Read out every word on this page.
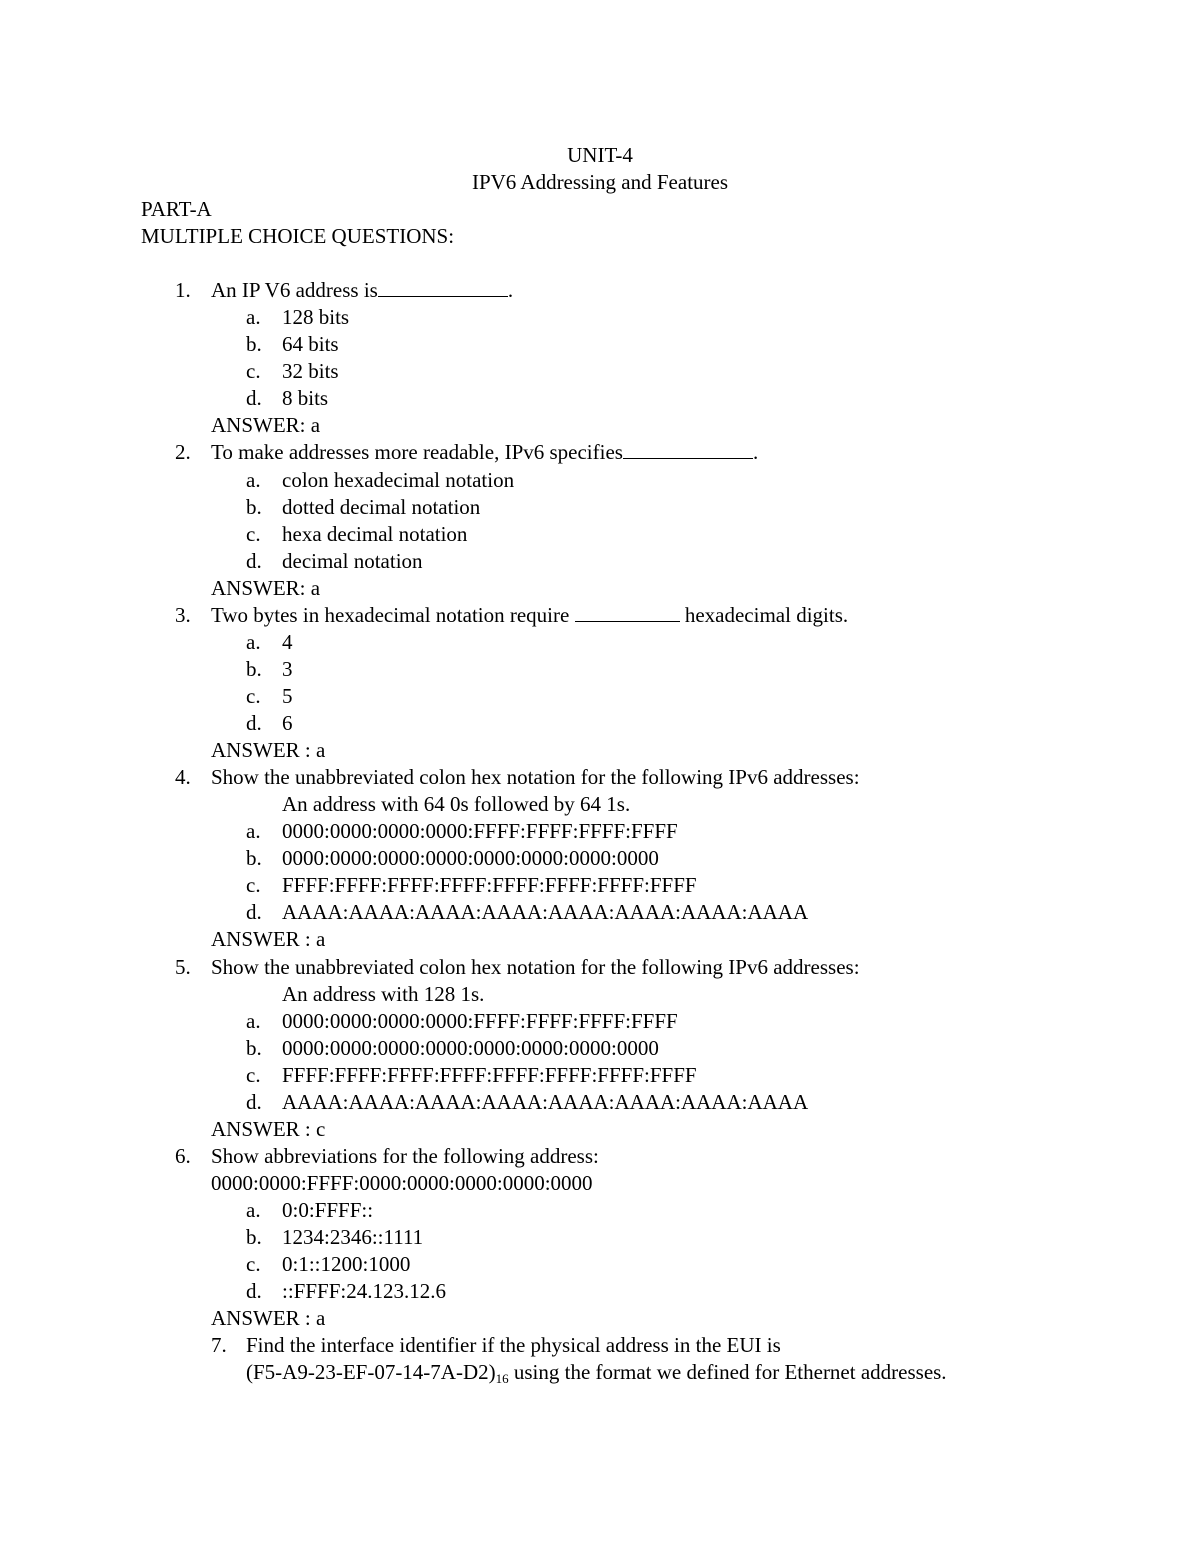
UNIT-4
IPV6 Addressing and Features
PART-A
MULTIPLE CHOICE QUESTIONS:
1. An IP V6 address is	.
a. 128 bits
b. 64 bits
c. 32 bits
d. 8 bits
ANSWER: a
2. To make addresses more readable, IPv6 specifies	.
a. colon hexadecimal notation
b. dotted decimal notation
c. hexa decimal notation
d. decimal notation
ANSWER: a
3. Two bytes in hexadecimal notation require	hexadecimal digits.
a. 4
b. 3
c. 5
d. 6
ANSWER : a
4. Show the unabbreviated colon hex notation for the following IPv6 addresses:
An address with 64 0s followed by 64 1s.
a. 0000:0000:0000:0000:FFFF:FFFF:FFFF:FFFF
b. 0000:0000:0000:0000:0000:0000:0000:0000
c. FFFF:FFFF:FFFF:FFFF:FFFF:FFFF:FFFF:FFFF
d. AAAA:AAAA:AAAA:AAAA:AAAA:AAAA:AAAA:AAAA
ANSWER : a
5. Show the unabbreviated colon hex notation for the following IPv6 addresses:
An address with 128 1s.
a. 0000:0000:0000:0000:FFFF:FFFF:FFFF:FFFF
b. 0000:0000:0000:0000:0000:0000:0000:0000
c. FFFF:FFFF:FFFF:FFFF:FFFF:FFFF:FFFF:FFFF
d. AAAA:AAAA:AAAA:AAAA:AAAA:AAAA:AAAA:AAAA
ANSWER : c
6. Show abbreviations for the following address:
0000:0000:FFFF:0000:0000:0000:0000:0000
a. 0:0:FFFF::
b. 1234:2346::1111
c. 0:1::1200:1000
d. ::FFFF:24.123.12.6
ANSWER : a
7. Find the interface identifier if the physical address in the EUI is
$(F5-A9-23-EF-07-14-7A-D2)_{16}$ using the format we defined for Ethernet addresses.
